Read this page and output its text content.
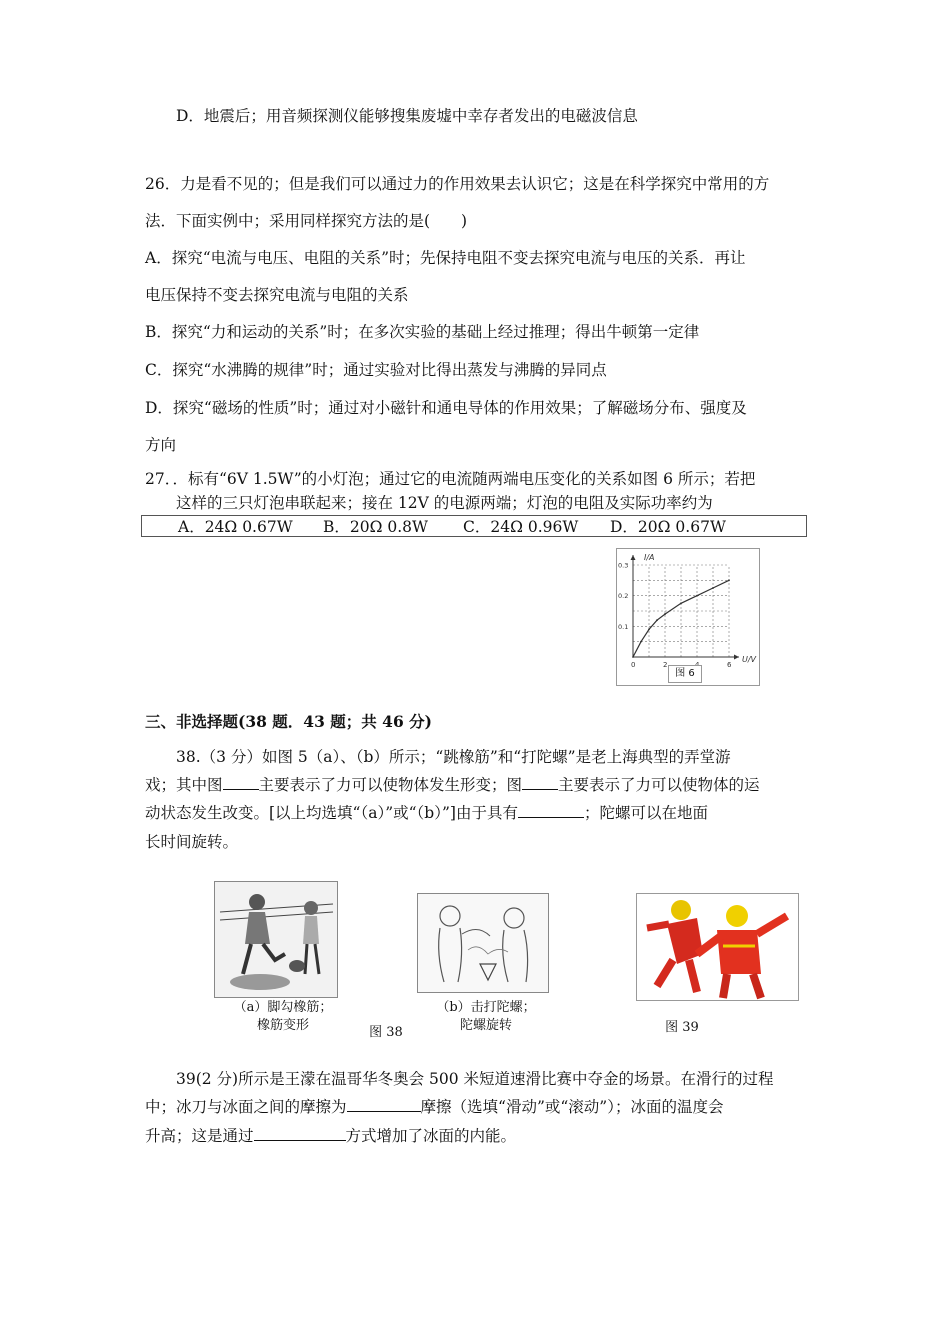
D．地震后；用音频探测仪能够搜集废墟中幸存者发出的电磁波信息
26．力是看不见的；但是我们可以通过力的作用效果去认识它；这是在科学探究中常用的方
法．下面实例中；采用同样探究方法的是(　　)
A．探究“电流与电压、电阻的关系”时；先保持电阻不变去探究电流与电压的关系．再让
电压保持不变去探究电流与电阻的关系
B．探究“力和运动的关系”时；在多次实验的基础上经过推理；得出牛顿第一定律
C．探究“水沸腾的规律”时；通过实验对比得出蒸发与沸腾的异同点
D．探究“磁场的性质”时；通过对小磁针和通电导体的作用效果；了解磁场分布、强度及
方向
27．．标有“6V 1.5W”的小灯泡；通过它的电流随两端电压变化的关系如图 6 所示；若把
这样的三只灯泡串联起来；接在 12V 的电源两端；灯泡的电阻及实际功率约为
A．24Ω 0.67W B．20Ω 0.8W C．24Ω 0.96W D．20Ω 0.67W
0	2	6
0.1
0.2
0.3
I/A
U/V
图 6
三、非选择题(38 题．43 题；共 46 分)
38.（3 分）如图 5（a）、（b）所示；“跳橡筋”和“打陀螺”是老上海典型的弄堂游
戏；其中图 主要表示了力可以使物体发生形变；图 主要表示了力可以使物体的运
动状态发生改变。[以上均选填“（a）”或“（b）”]由于具有	；陀螺可以在地面
长时间旋转。
（a）脚勾橡筋；
橡筋变形	图 38
（b）击打陀螺；
陀螺旋转	图 39
39(2 分)所示是王濛在温哥华冬奥会 500 米短道速滑比赛中夺金的场景。在滑行的过程
中；冰刀与冰面之间的摩擦为	摩擦（选填“滑动”或“滚动”）；冰面的温度会
升高；这是通过	方式增加了冰面的内能。
